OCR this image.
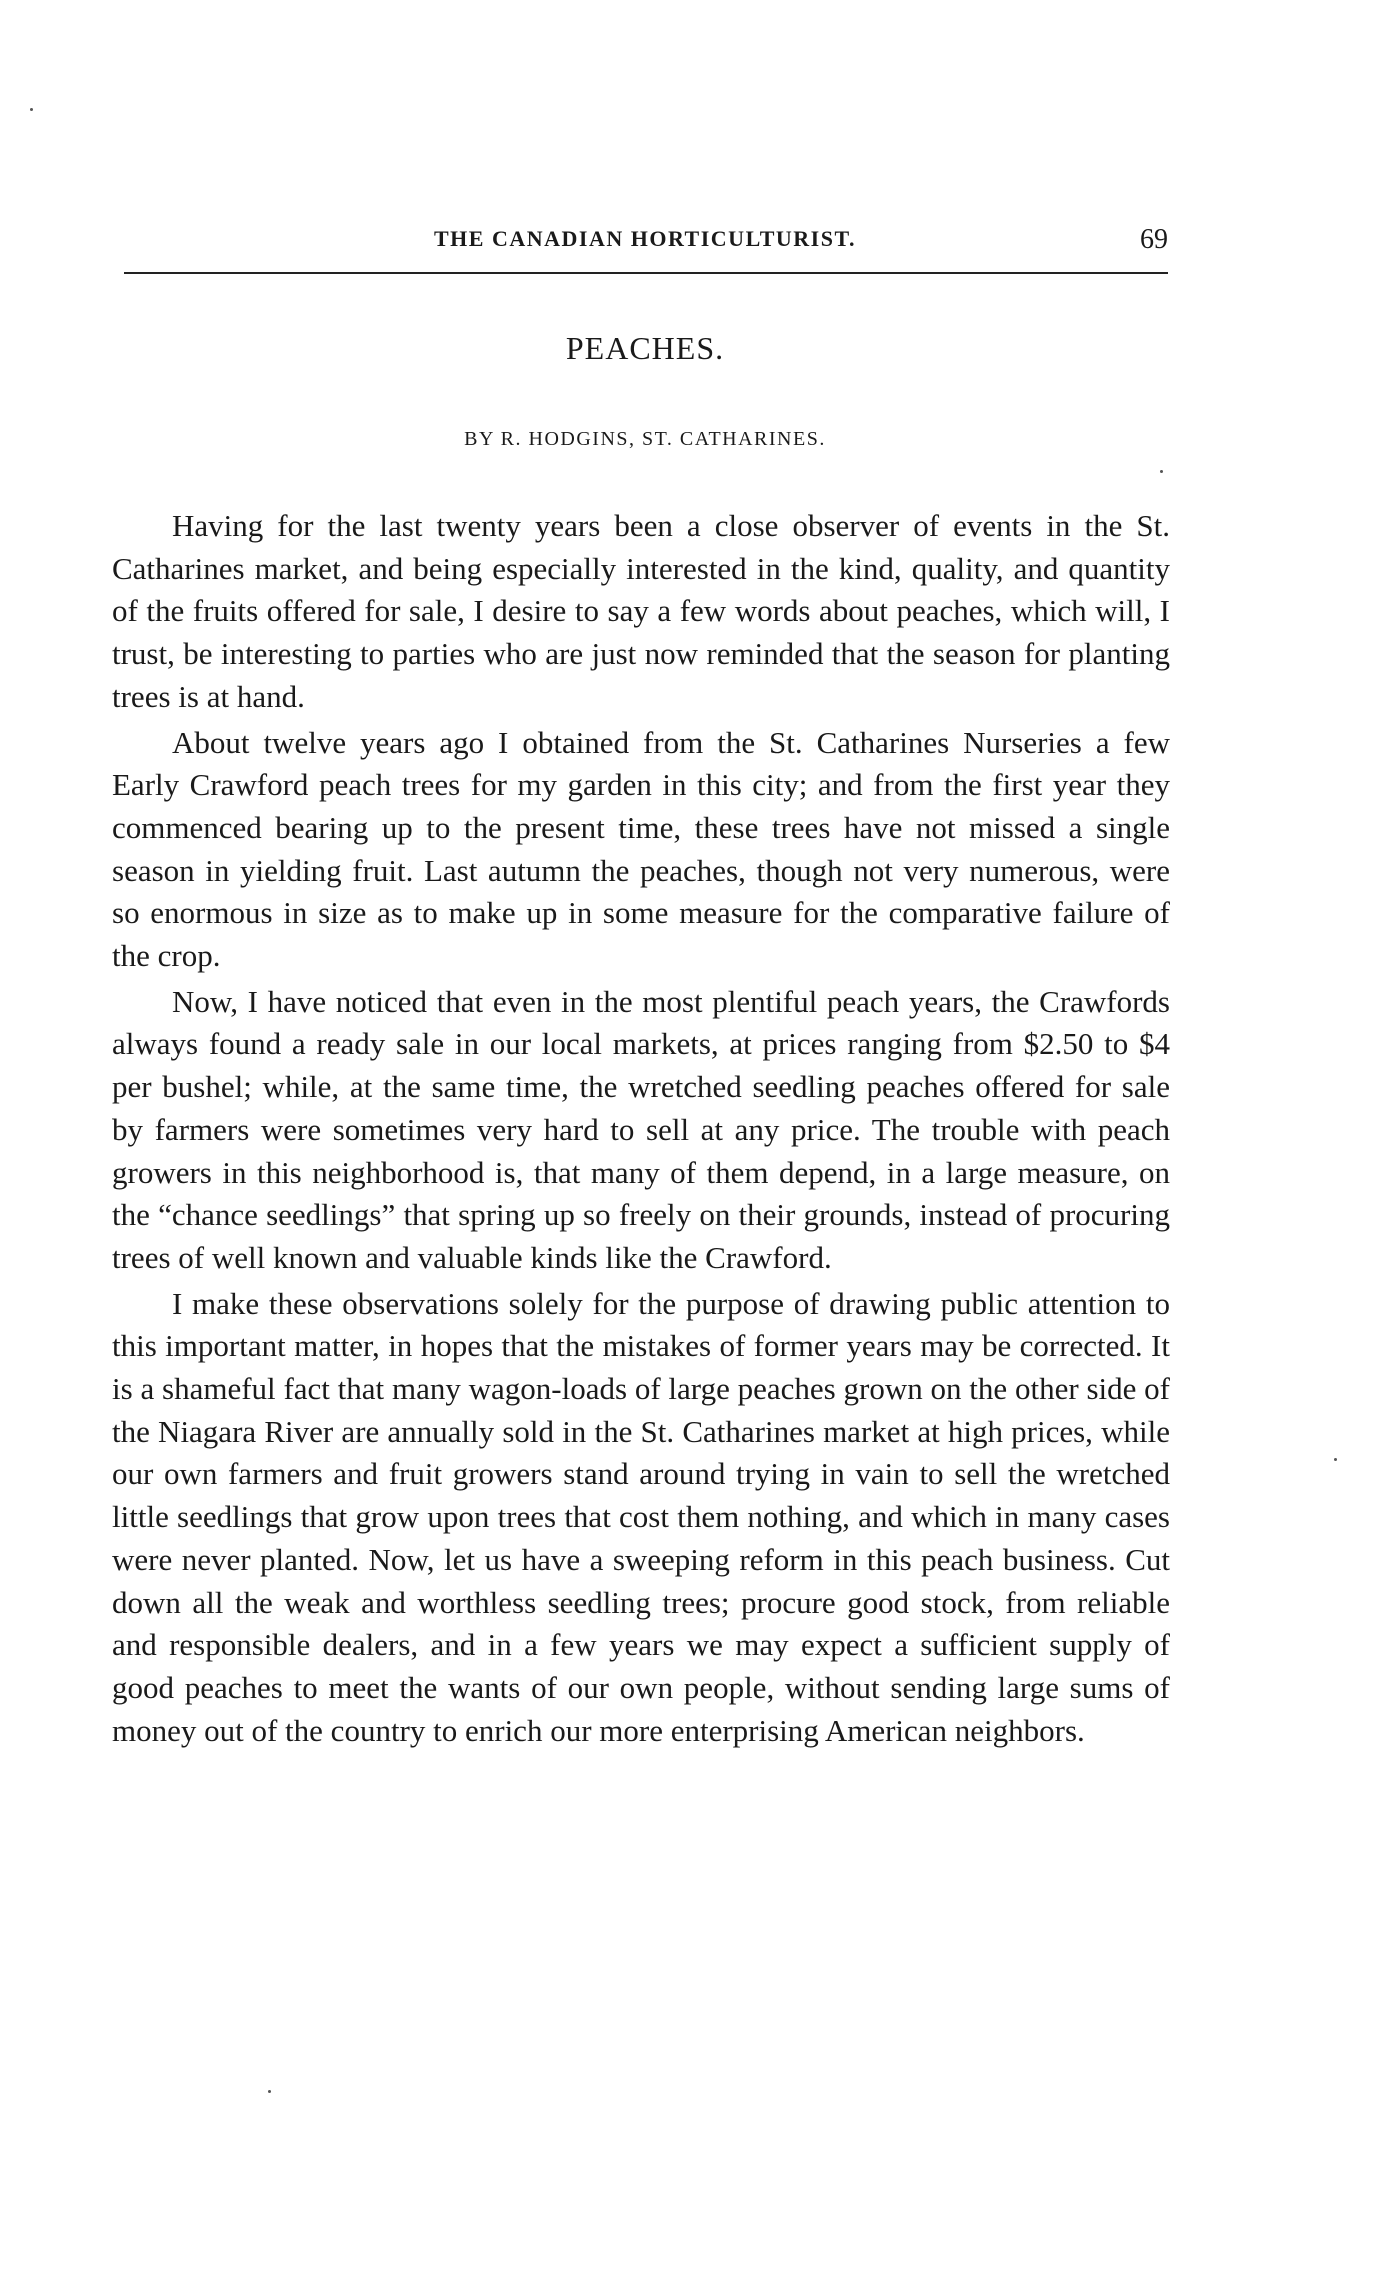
THE CANADIAN HORTICULTURIST.	69
PEACHES.
BY R. HODGINS, ST. CATHARINES.

Having for the last twenty years been a close observer of events in the St. Catharines market, and being especially interested in the kind, quality, and quantity of the fruits offered for sale, I desire to say a few words about peaches, which will, I trust, be interesting to parties who are just now reminded that the season for planting trees is at hand.

About twelve years ago I obtained from the St. Catharines Nurseries a few Early Crawford peach trees for my garden in this city; and from the first year they commenced bearing up to the present time, these trees have not missed a single season in yielding fruit. Last autumn the peaches, though not very numerous, were so enormous in size as to make up in some measure for the comparative failure of the crop.

Now, I have noticed that even in the most plentiful peach years, the Crawfords always found a ready sale in our local markets, at prices ranging from $2.50 to $4 per bushel; while, at the same time, the wretched seedling peaches offered for sale by farmers were sometimes very hard to sell at any price. The trouble with peach growers in this neighborhood is, that many of them depend, in a large measure, on the “chance seedlings” that spring up so freely on their grounds, instead of procuring trees of well known and valuable kinds like the Crawford.

I make these observations solely for the purpose of drawing public attention to this important matter, in hopes that the mistakes of former years may be corrected. It is a shameful fact that many wagon-loads of large peaches grown on the other side of the Niagara River are annually sold in the St. Catharines market at high prices, while our own farmers and fruit growers stand around trying in vain to sell the wretched little seedlings that grow upon trees that cost them nothing, and which in many cases were never planted. Now, let us have a sweeping reform in this peach business. Cut down all the weak and worthless seedling trees; procure good stock, from reliable and responsible dealers, and in a few years we may expect a sufficient supply of good peaches to meet the wants of our own people, without sending large sums of money out of the country to enrich our more enterprising American neighbors.
